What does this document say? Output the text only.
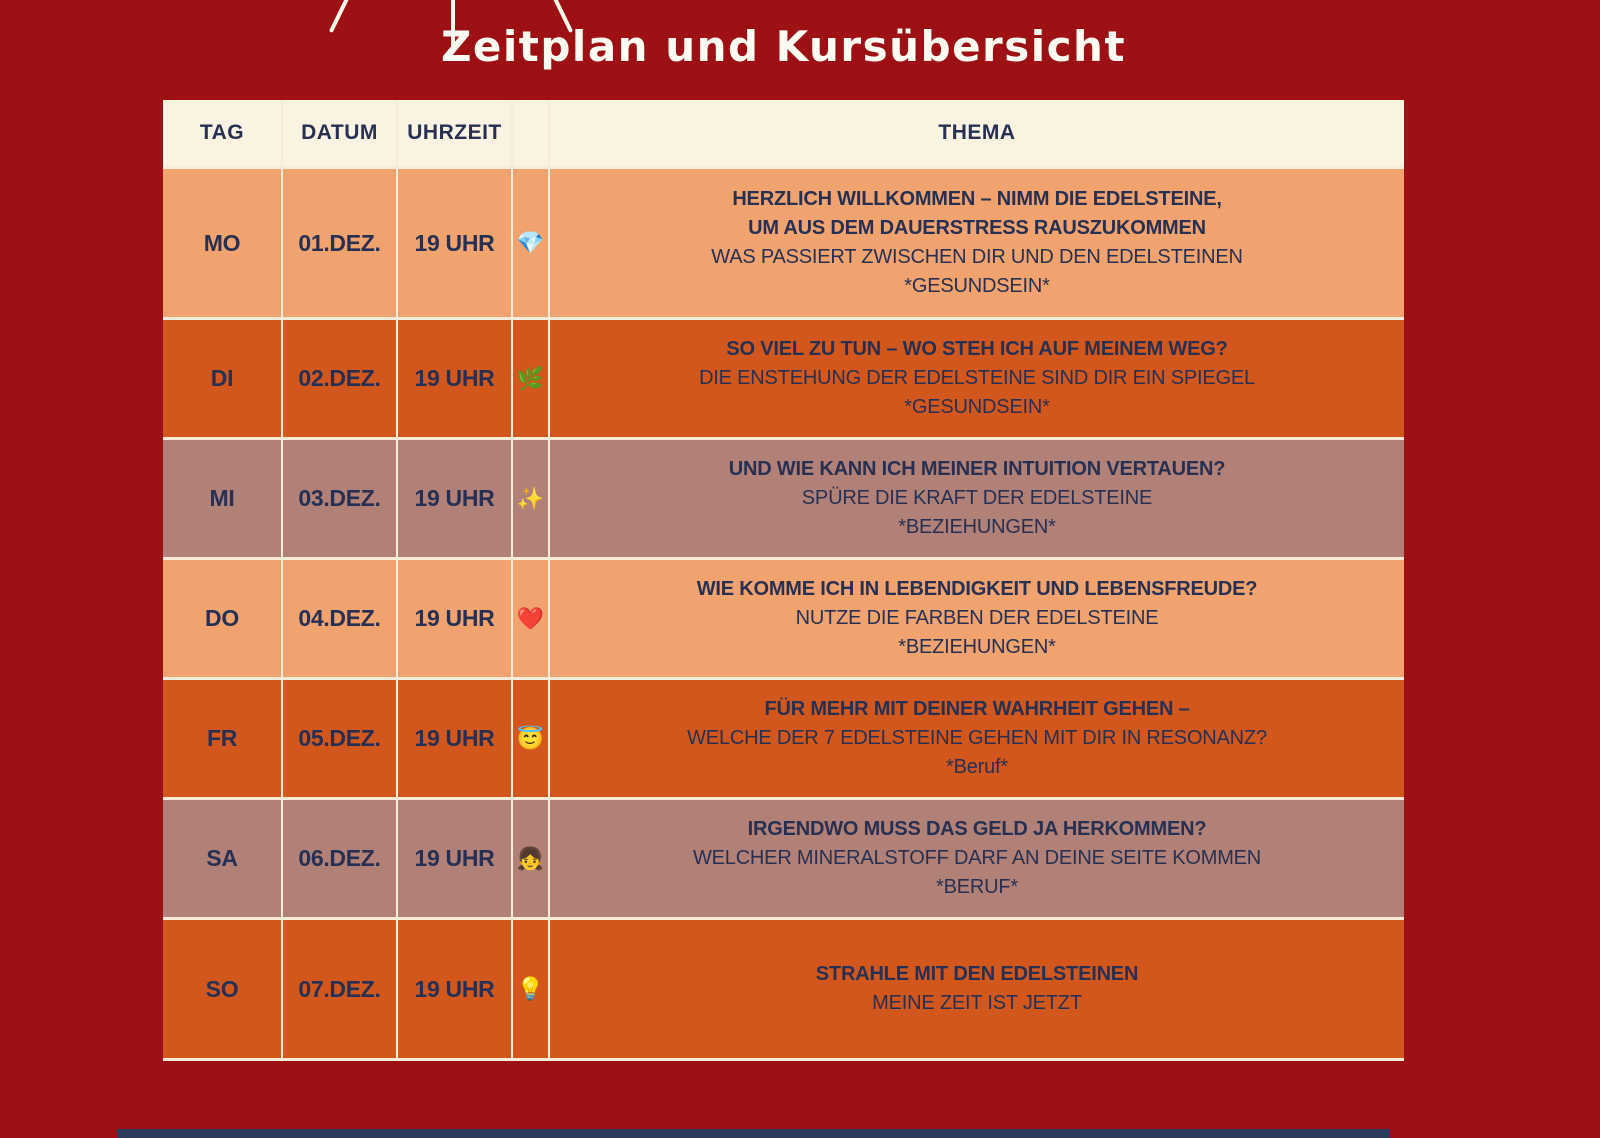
Zeitplan und Kursübersicht
TAG	DATUM	UHRZEIT	THEMA
MO	01.DEZ.	19 UHR	💎
HERZLICH WILLKOMMEN – NIMM DIE EDELSTEINE,
UM AUS DEM DAUERSTRESS RAUSZUKOMMEN
WAS PASSIERT ZWISCHEN DIR UND DEN EDELSTEINEN
*GESUNDSEIN*
DI	02.DEZ.	19 UHR	🌿
SO VIEL ZU TUN – WO STEH ICH AUF MEINEM WEG?
DIE ENSTEHUNG DER EDELSTEINE SIND DIR EIN SPIEGEL
*GESUNDSEIN*
MI	03.DEZ.	19 UHR	✨
UND WIE KANN ICH MEINER INTUITION VERTAUEN?
SPÜRE DIE KRAFT DER EDELSTEINE
*BEZIEHUNGEN*
DO	04.DEZ.	19 UHR	❤️
WIE KOMME ICH IN LEBENDIGKEIT UND LEBENSFREUDE?
NUTZE DIE FARBEN DER EDELSTEINE
*BEZIEHUNGEN*
FR	05.DEZ.	19 UHR	😇
FÜR MEHR MIT DEINER WAHRHEIT GEHEN –
WELCHE DER 7 EDELSTEINE GEHEN MIT DIR IN RESONANZ?
*Beruf*
SA	06.DEZ.	19 UHR	👧
IRGENDWO MUSS DAS GELD JA HERKOMMEN?
WELCHER MINERALSTOFF DARF AN DEINE SEITE KOMMEN
*BERUF*
SO	07.DEZ.	19 UHR	💡
STRAHLE MIT DEN EDELSTEINEN
MEINE ZEIT IST JETZT
